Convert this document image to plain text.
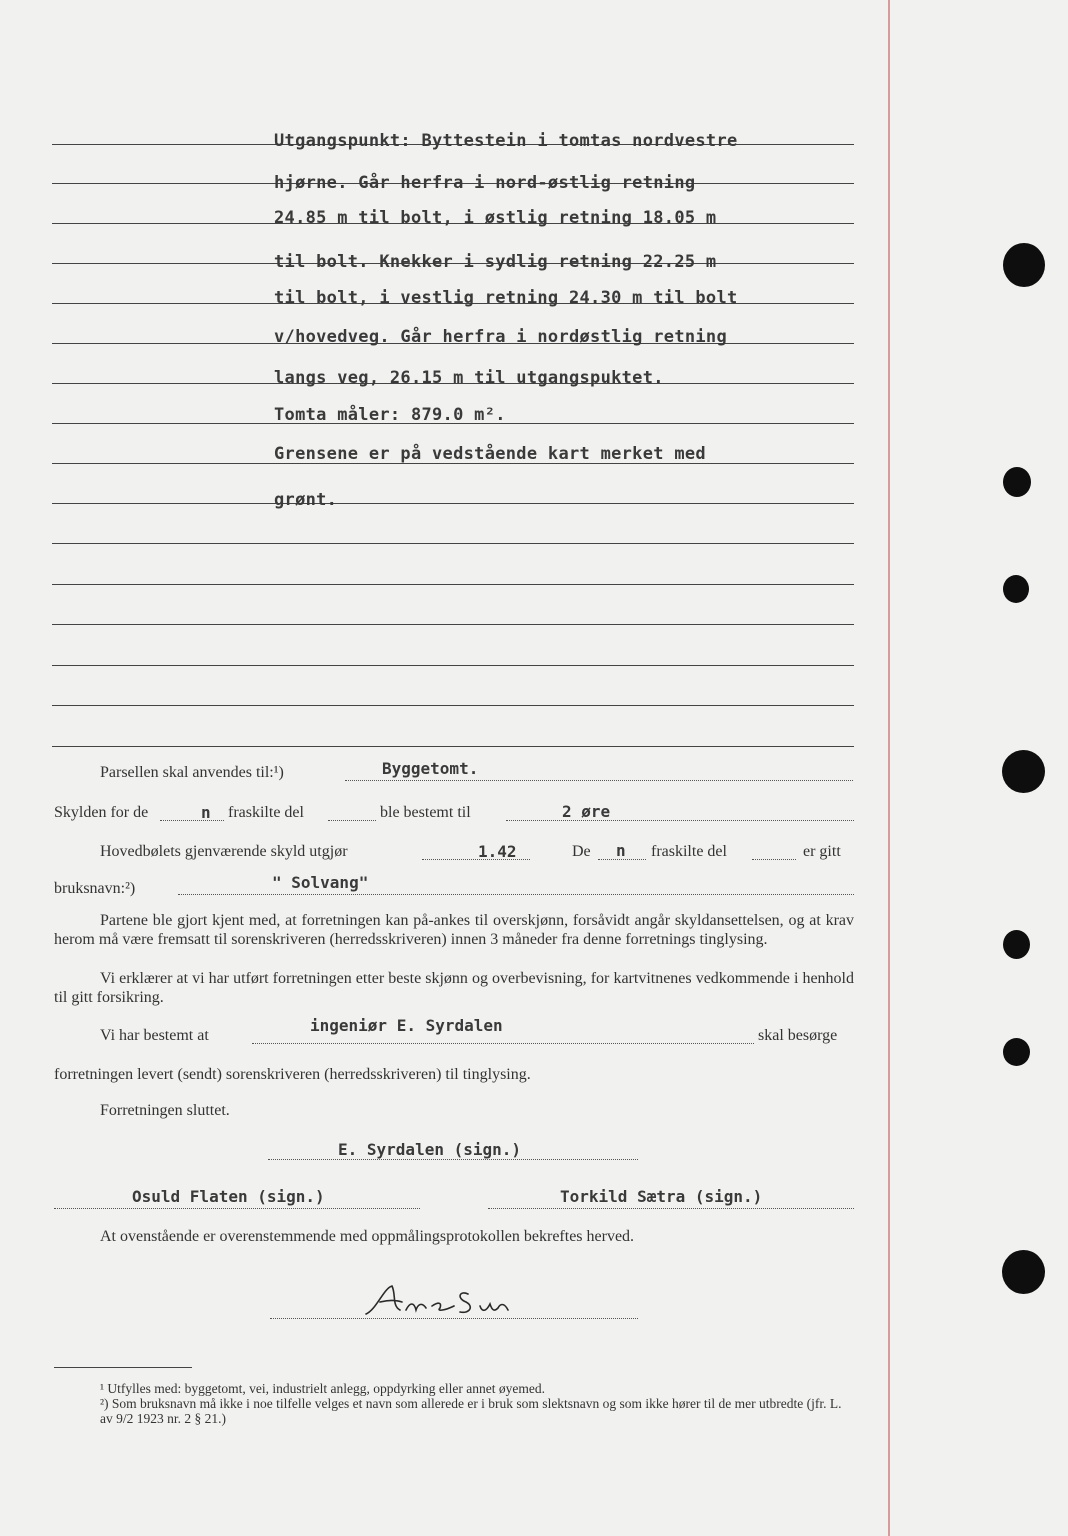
Utgangspunkt: Byttestein i tomtas nordvestre
hjørne. Går herfra i nord-østlig retning
24.85 m til bolt, i østlig retning 18.05 m
til bolt. Knekker i sydlig retning 22.25 m
til bolt, i vestlig retning 24.30 m til bolt
v/hovedveg. Går herfra i nordøstlig retning
langs veg, 26.15 m til utgangspuktet.
Tomta måler: 879.0 m².
Grensene er på vedstående kart merket med
grønt.
Parsellen skal anvendes til:¹)	Byggetomt.
Skylden for de	n fraskilte del	ble bestemt til	2 øre
Hovedbølets gjenværende skyld utgjør	1.42	De n fraskilte del	er gitt
bruksnavn:²)	" Solvang"
Partene ble gjort kjent med, at forretningen kan på-ankes til overskjønn, forsåvidt angår skyldansettelsen, og at krav herom må være fremsatt til sorenskriveren (herredsskriveren) innen 3 måneder fra denne forretnings tinglysing.
Vi erklærer at vi har utført forretningen etter beste skjønn og overbevisning, for kartvitnenes vedkommende i henhold til gitt forsikring.
Vi har bestemt at
ingeniør E. Syrdalen
skal besørge
forretningen levert (sendt) sorenskriveren (herredsskriveren) til tinglysing.
Forretningen sluttet.
E. Syrdalen (sign.)
Osuld Flaten (sign.)	Torkild Sætra (sign.)
At ovenstående er overenstemmende med oppmålingsprotokollen bekreftes herved.
¹ Utfylles med: byggetomt, vei, industrielt anlegg, oppdyrking eller annet øyemed.
²) Som bruksnavn må ikke i noe tilfelle velges et navn som allerede er i bruk som slektsnavn og som ikke hører til de mer utbredte (jfr. L. av 9/2 1923 nr. 2 § 21.)
